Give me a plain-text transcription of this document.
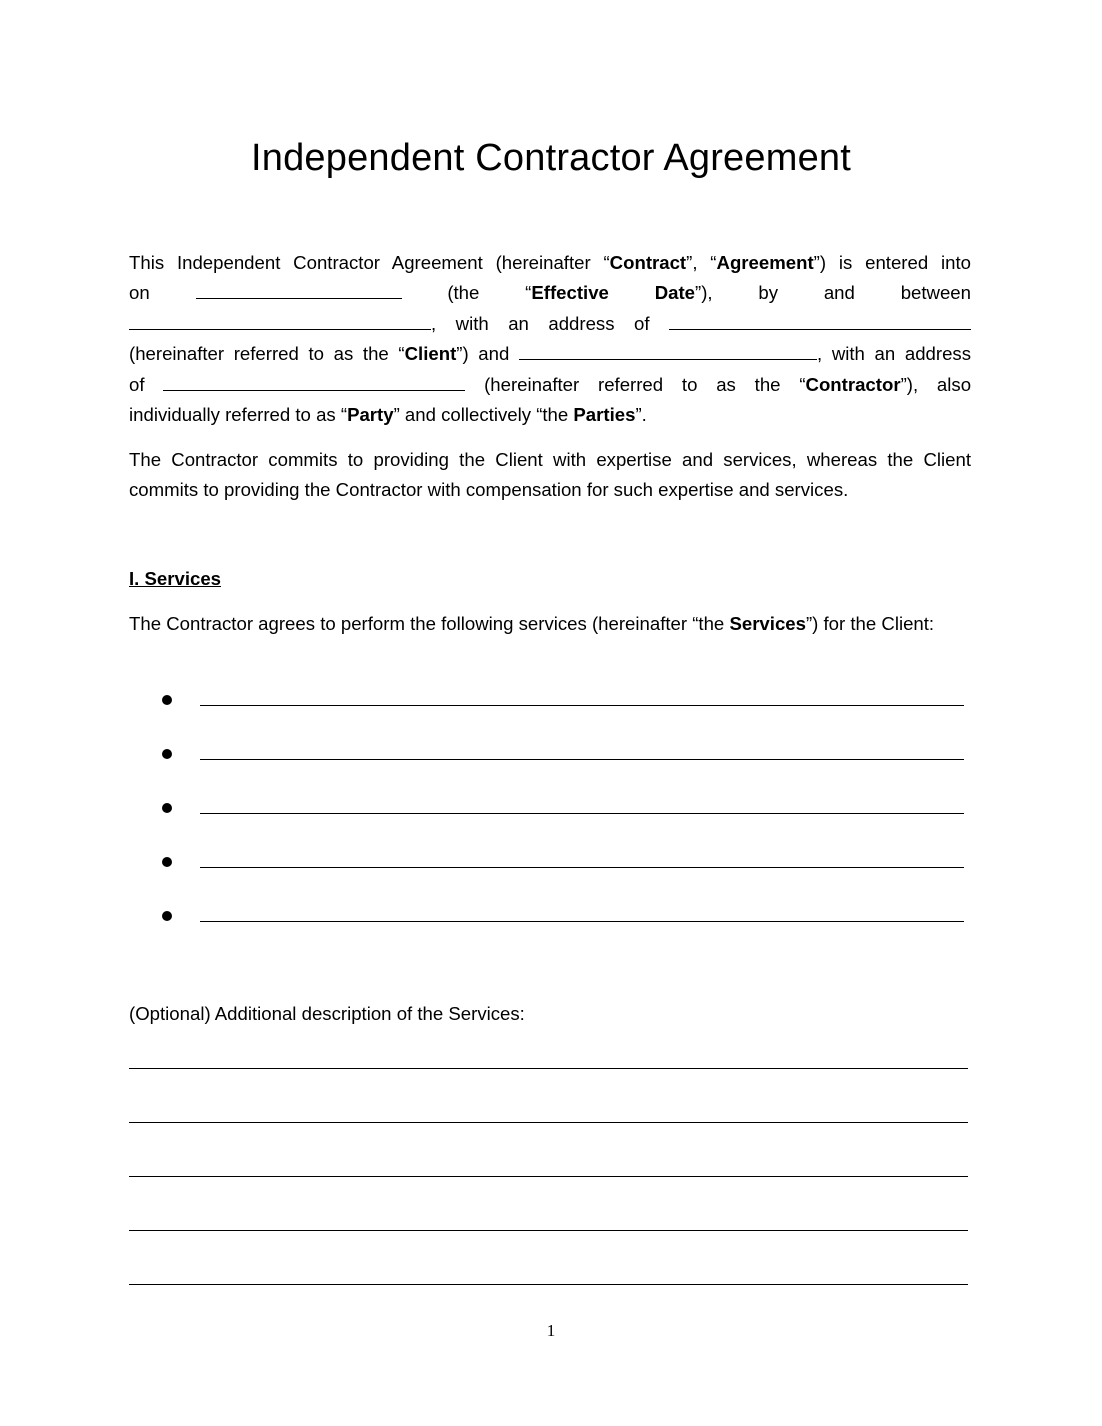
Independent Contractor Agreement
This Independent Contractor Agreement (hereinafter “Contract”, “Agreement”) is entered into
on	(the “Effective Date”), by and between
, with an address of
(hereinafter referred to as the “Client”) and	, with an address
of	(hereinafter referred to as the “Contractor”), also
individually referred to as “Party” and collectively “the Parties”.
The Contractor commits to providing the Client with expertise and services, whereas the Client commits to providing the Contractor with compensation for such expertise and services.
I. Services
The Contractor agrees to perform the following services (hereinafter “the Services”) for the Client:
(Optional) Additional description of the Services:
1
